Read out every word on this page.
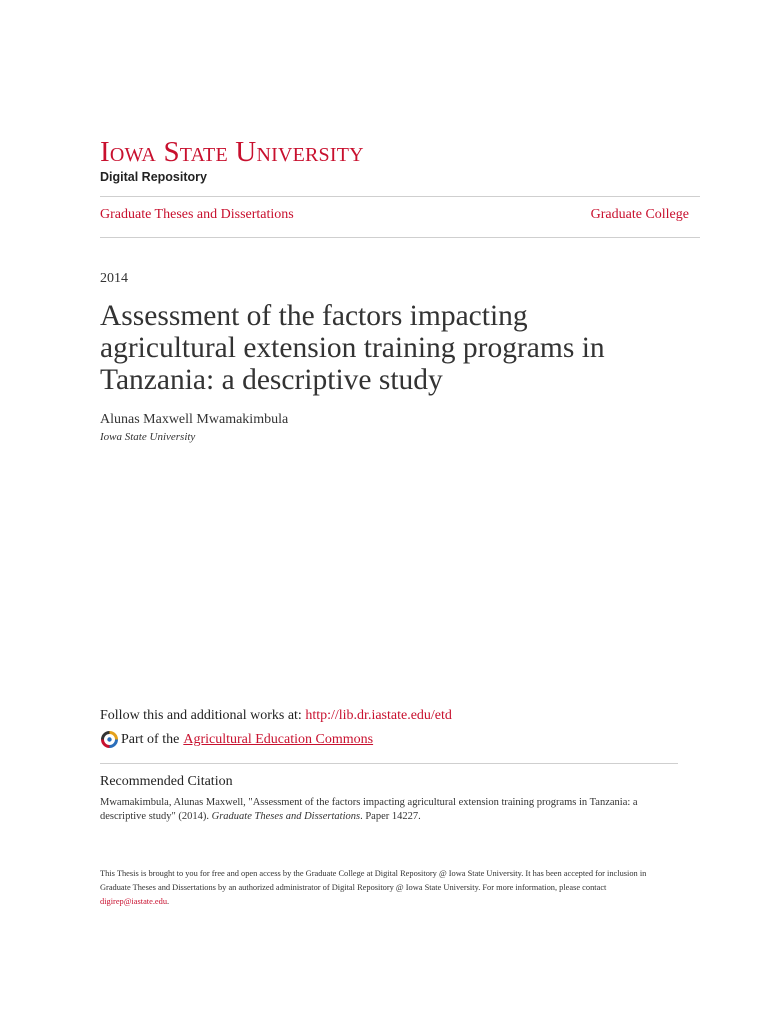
Iowa State University
Digital Repository
Graduate Theses and Dissertations	Graduate College
2014
Assessment of the factors impacting agricultural extension training programs in Tanzania: a descriptive study
Alunas Maxwell Mwamakimbula
Iowa State University
Follow this and additional works at: http://lib.dr.iastate.edu/etd
Part of the Agricultural Education Commons
Recommended Citation
Mwamakimbula, Alunas Maxwell, "Assessment of the factors impacting agricultural extension training programs in Tanzania: a descriptive study" (2014). Graduate Theses and Dissertations. Paper 14227.
This Thesis is brought to you for free and open access by the Graduate College at Digital Repository @ Iowa State University. It has been accepted for inclusion in Graduate Theses and Dissertations by an authorized administrator of Digital Repository @ Iowa State University. For more information, please contact digirep@iastate.edu.
